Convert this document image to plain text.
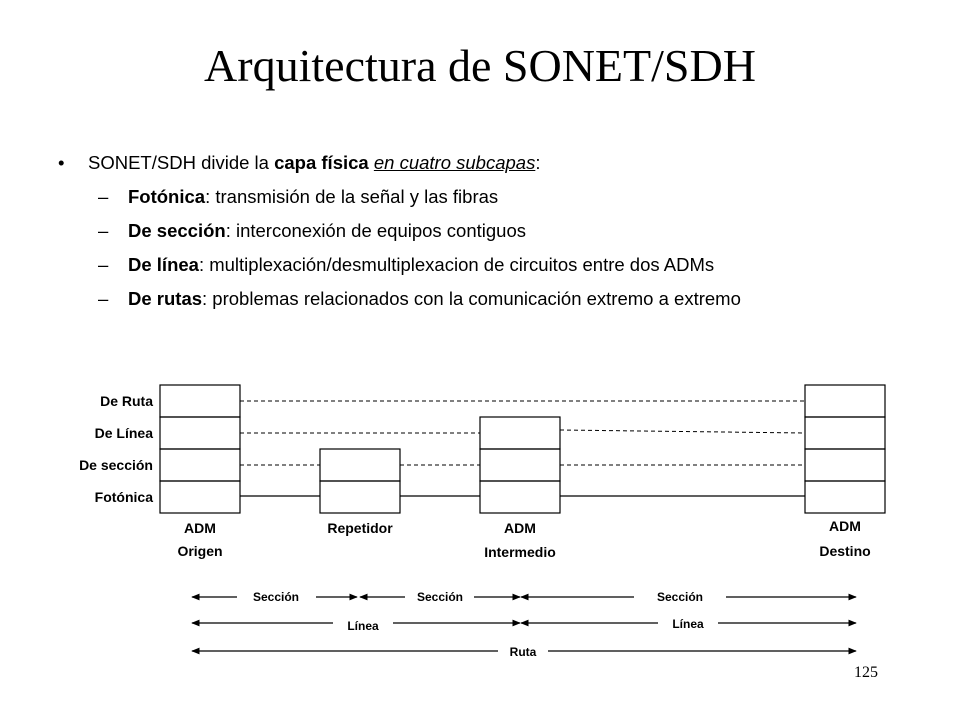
Arquitectura de SONET/SDH
• SONET/SDH divide la capa física en cuatro subcapas:
– Fotónica: transmisión de la señal y las fibras
– De sección: interconexión de equipos contiguos
– De línea: multiplexación/desmultiplexacion de circuitos entre dos ADMs
– De rutas: problemas relacionados con la comunicación extremo a extremo
De Ruta
De Línea
De sección
Fotónica
ADM
Origen
Repetidor	ADM
Intermedio
ADM
Destino
Sección	Sección	Sección
Línea	Línea
Ruta
125
